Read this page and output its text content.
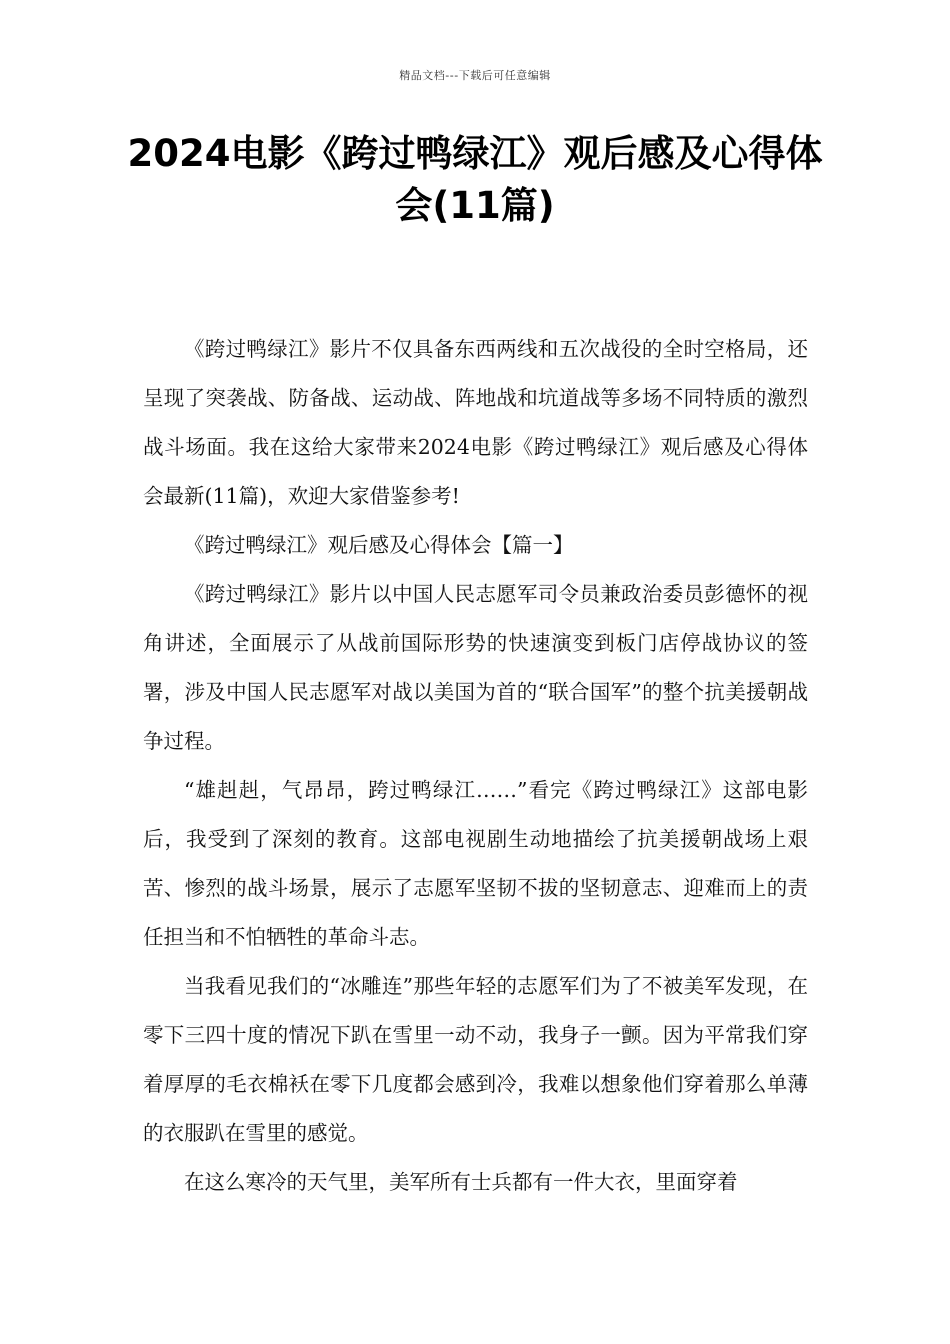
精品文档---下载后可任意编辑
2024电影《跨过鸭绿江》观后感及心得体会(11篇)

《跨过鸭绿江》影片不仅具备东西两线和五次战役的全时空格局，还呈现了突袭战、防备战、运动战、阵地战和坑道战等多场不同特质的激烈战斗场面。我在这给大家带来2024电影《跨过鸭绿江》观后感及心得体会最新(11篇)，欢迎大家借鉴参考!

《跨过鸭绿江》观后感及心得体会【篇一】

《跨过鸭绿江》影片以中国人民志愿军司令员兼政治委员彭德怀的视角讲述，全面展示了从战前国际形势的快速演变到板门店停战协议的签署，涉及中国人民志愿军对战以美国为首的“联合国军”的整个抗美援朝战争过程。

“雄赳赳，气昂昂，跨过鸭绿江……”看完《跨过鸭绿江》这部电影后，我受到了深刻的教育。这部电视剧生动地描绘了抗美援朝战场上艰苦、惨烈的战斗场景，展示了志愿军坚韧不拔的坚韧意志、迎难而上的责任担当和不怕牺牲的革命斗志。

当我看见我们的“冰雕连”那些年轻的志愿军们为了不被美军发现，在零下三四十度的情况下趴在雪里一动不动，我身子一颤。因为平常我们穿着厚厚的毛衣棉袄在零下几度都会感到冷，我难以想象他们穿着那么单薄的衣服趴在雪里的感觉。

在这么寒冷的天气里，美军所有士兵都有一件大衣，里面穿着
